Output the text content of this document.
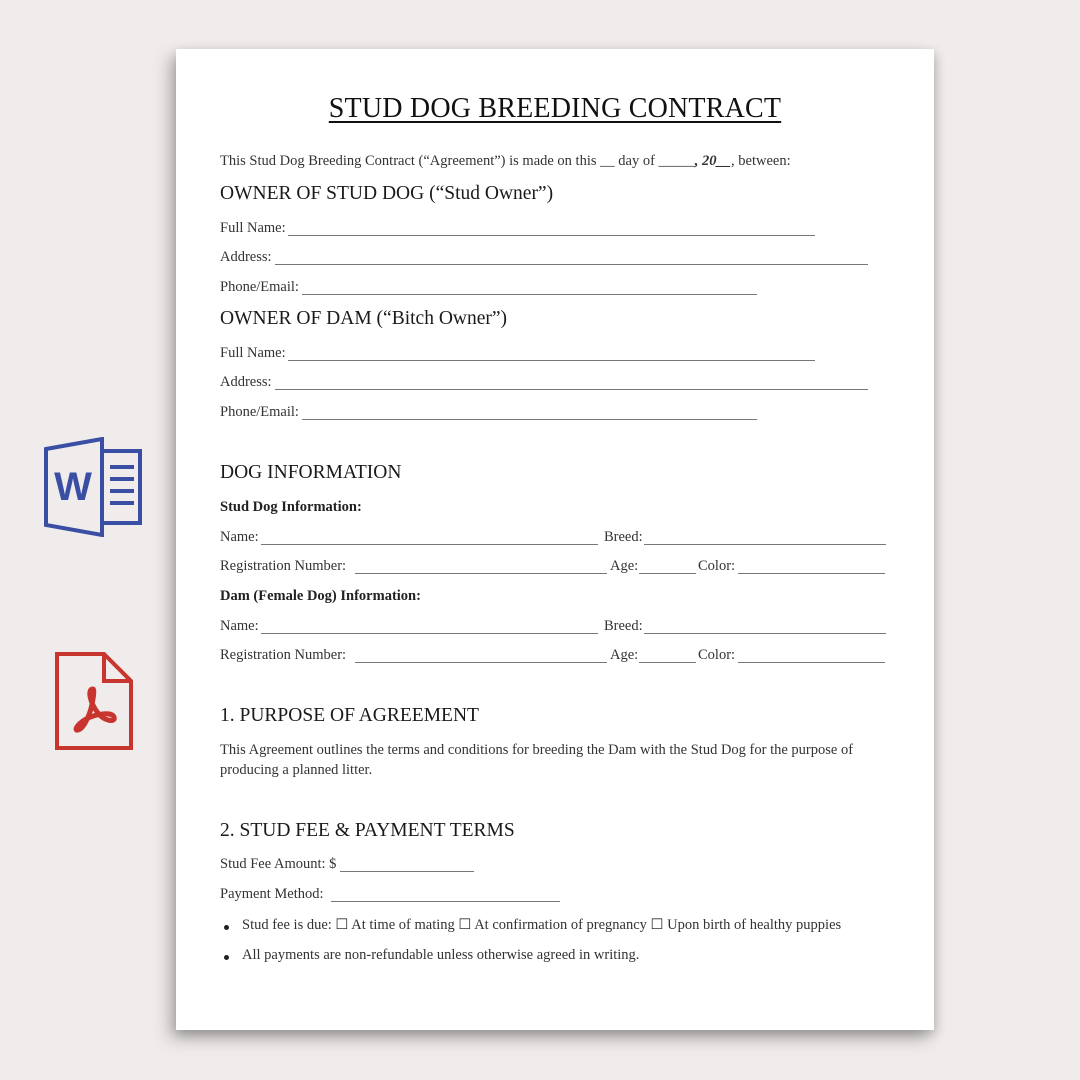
W
STUD DOG BREEDING CONTRACT
This Stud Dog Breeding Contract (“Agreement”) is made on this __ day of _____, 20__, between:
OWNER OF STUD DOG (“Stud Owner”)
Full Name:
Address:
Phone/Email:
OWNER OF DAM (“Bitch Owner”)
Full Name:
Address:
Phone/Email:
DOG INFORMATION
Stud Dog Information:
Name:	Breed:
Registration Number:	Age:	Color:
Dam (Female Dog) Information:
Name:	Breed:
Registration Number:	Age:	Color:
1. PURPOSE OF AGREEMENT
This Agreement outlines the terms and conditions for breeding the Dam with the Stud Dog for the purpose of producing a planned litter.
2. STUD FEE & PAYMENT TERMS
Stud Fee Amount: $
Payment Method:
Stud fee is due: ☐ At time of mating ☐ At confirmation of pregnancy ☐ Upon birth of healthy puppies
All payments are non-refundable unless otherwise agreed in writing.
